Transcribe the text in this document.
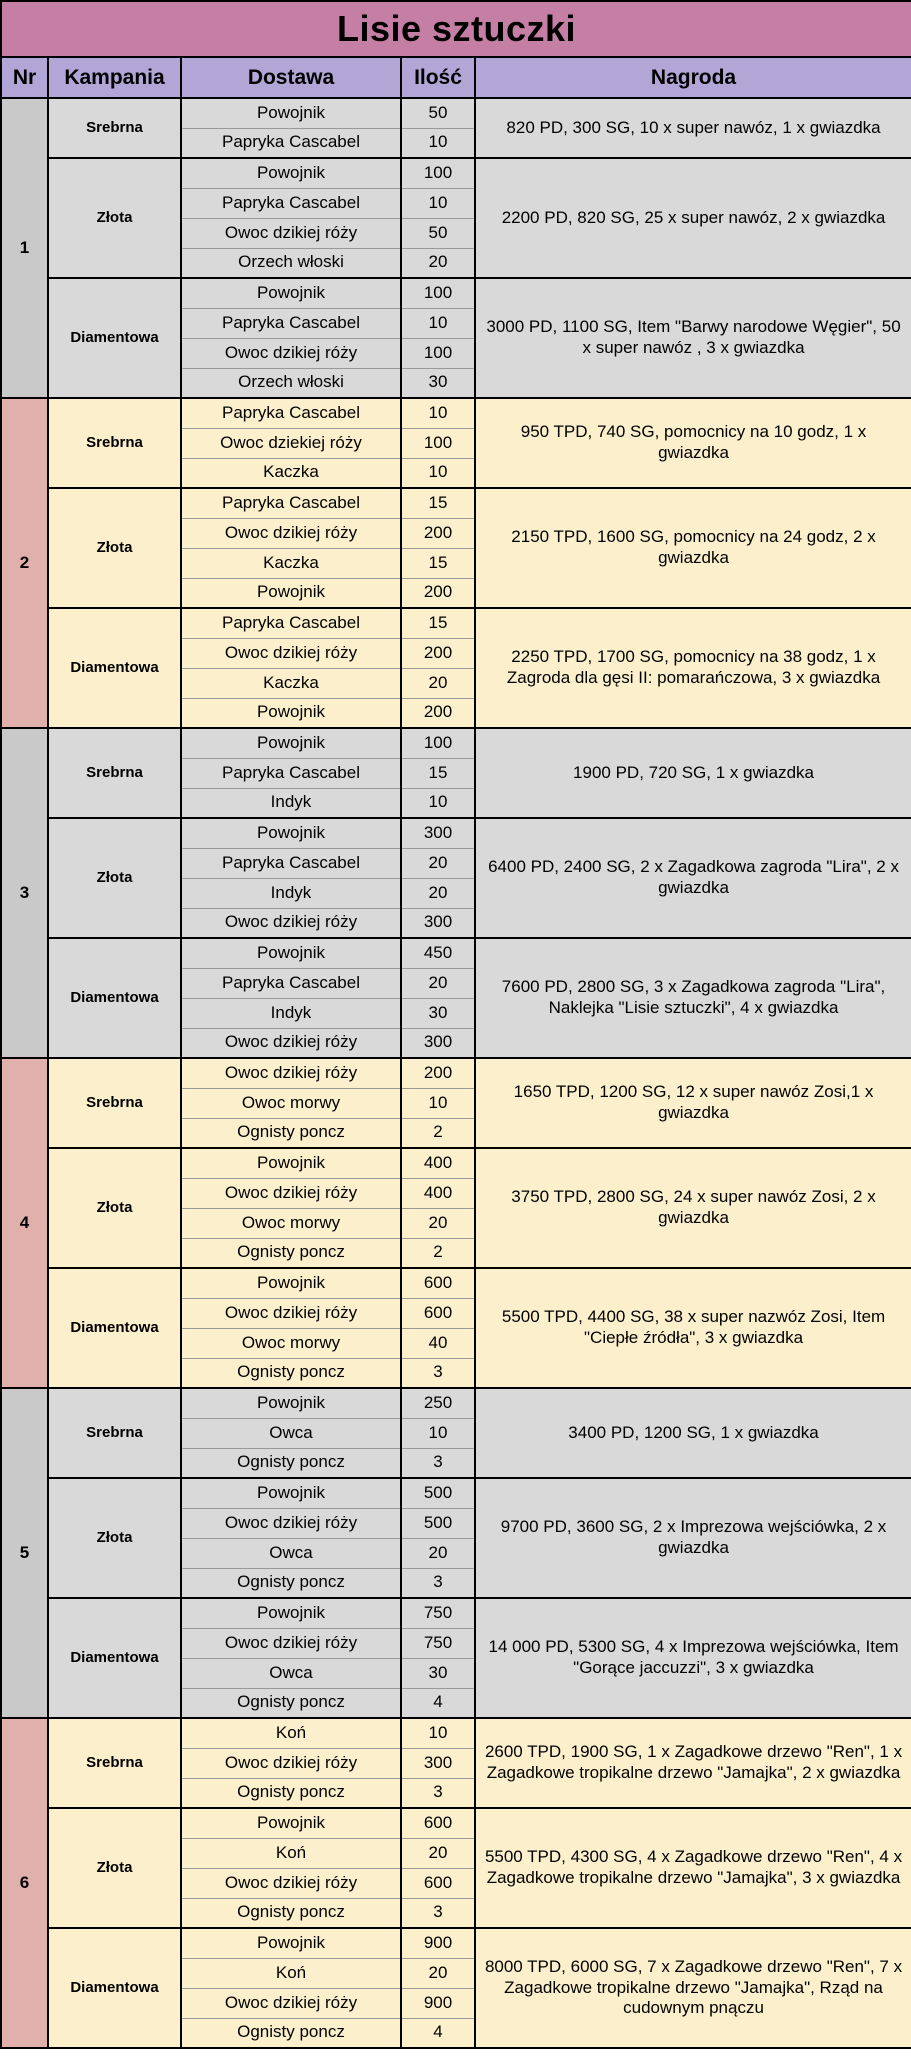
Lisie sztuczki				
Nr	Kampania	Dostawa	Ilość	Nagroda
1	Srebrna	Powojnik	50	820 PD, 300 SG, 10 x super nawóz, 1 x gwiazdka
		Papryka Cascabel	10	
	Złota	Powojnik	100	2200 PD, 820 SG, 25 x super nawóz, 2 x gwiazdka
		Papryka Cascabel	10	
		Owoc dzikiej róży	50	
		Orzech włoski	20	
	Diamentowa	Powojnik	100	3000 PD, 1100 SG, Item "Barwy narodowe Węgier", 50 x super nawóz , 3 x gwiazdka
		Papryka Cascabel	10	
		Owoc dzikiej róży	100	
		Orzech włoski	30	
2	Srebrna	Papryka Cascabel	10	950 TPD, 740 SG, pomocnicy na 10 godz, 1 x gwiazdka
		Owoc dziekiej róży	100	
		Kaczka	10	
	Złota	Papryka Cascabel	15	2150 TPD, 1600 SG, pomocnicy na 24 godz, 2 x gwiazdka
		Owoc dzikiej róży	200	
		Kaczka	15	
		Powojnik	200	
	Diamentowa	Papryka Cascabel	15	2250 TPD, 1700 SG, pomocnicy na 38 godz, 1 x Zagroda dla gęsi II: pomarańczowa, 3 x gwiazdka
		Owoc dzikiej róży	200	
		Kaczka	20	
		Powojnik	200	
3	Srebrna	Powojnik	100	1900 PD, 720 SG, 1 x gwiazdka
		Papryka Cascabel	15	
		Indyk	10	
	Złota	Powojnik	300	6400 PD, 2400 SG, 2 x Zagadkowa zagroda "Lira", 2 x gwiazdka
		Papryka Cascabel	20	
		Indyk	20	
		Owoc dzikiej róży	300	
	Diamentowa	Powojnik	450	7600 PD, 2800 SG, 3 x Zagadkowa zagroda "Lira", Naklejka "Lisie sztuczki", 4 x gwiazdka
		Papryka Cascabel	20	
		Indyk	30	
		Owoc dzikiej róży	300	
4	Srebrna	Owoc dzikiej róży	200	1650 TPD, 1200 SG, 12 x super nawóz Zosi,1 x gwiazdka
		Owoc morwy	10	
		Ognisty poncz	2	
	Złota	Powojnik	400	3750 TPD, 2800 SG, 24 x super nawóz Zosi, 2 x gwiazdka
		Owoc dzikiej róży	400	
		Owoc morwy	20	
		Ognisty poncz	2	
	Diamentowa	Powojnik	600	5500 TPD, 4400 SG, 38 x super nazwóz Zosi, Item "Ciepłe źródła", 3 x gwiazdka
		Owoc dzikiej róży	600	
		Owoc morwy	40	
		Ognisty poncz	3	
5	Srebrna	Powojnik	250	3400 PD, 1200 SG, 1 x gwiazdka
		Owca	10	
		Ognisty poncz	3	
	Złota	Powojnik	500	9700 PD, 3600 SG, 2 x Imprezowa wejściówka, 2 x gwiazdka
		Owoc dzikiej róży	500	
		Owca	20	
		Ognisty poncz	3	
	Diamentowa	Powojnik	750	14 000 PD, 5300 SG, 4 x Imprezowa wejściówka, Item "Gorące jaccuzzi", 3 x gwiazdka
		Owoc dzikiej róży	750	
		Owca	30	
		Ognisty poncz	4	
6	Srebrna	Koń	10	2600 TPD, 1900 SG, 1 x Zagadkowe drzewo "Ren", 1 x Zagadkowe tropikalne drzewo "Jamajka", 2 x gwiazdka
		Owoc dzikiej róży	300	
		Ognisty poncz	3	
	Złota	Powojnik	600	5500 TPD, 4300 SG, 4 x Zagadkowe drzewo "Ren", 4 x Zagadkowe tropikalne drzewo "Jamajka", 3 x gwiazdka
		Koń	20	
		Owoc dzikiej róży	600	
		Ognisty poncz	3	
	Diamentowa	Powojnik	900	8000 TPD, 6000 SG, 7 x Zagadkowe drzewo "Ren", 7 x Zagadkowe tropikalne drzewo "Jamajka", Rząd na cudownym pnączu
		Koń	20	
		Owoc dzikiej róży	900	
		Ognisty poncz	4	
